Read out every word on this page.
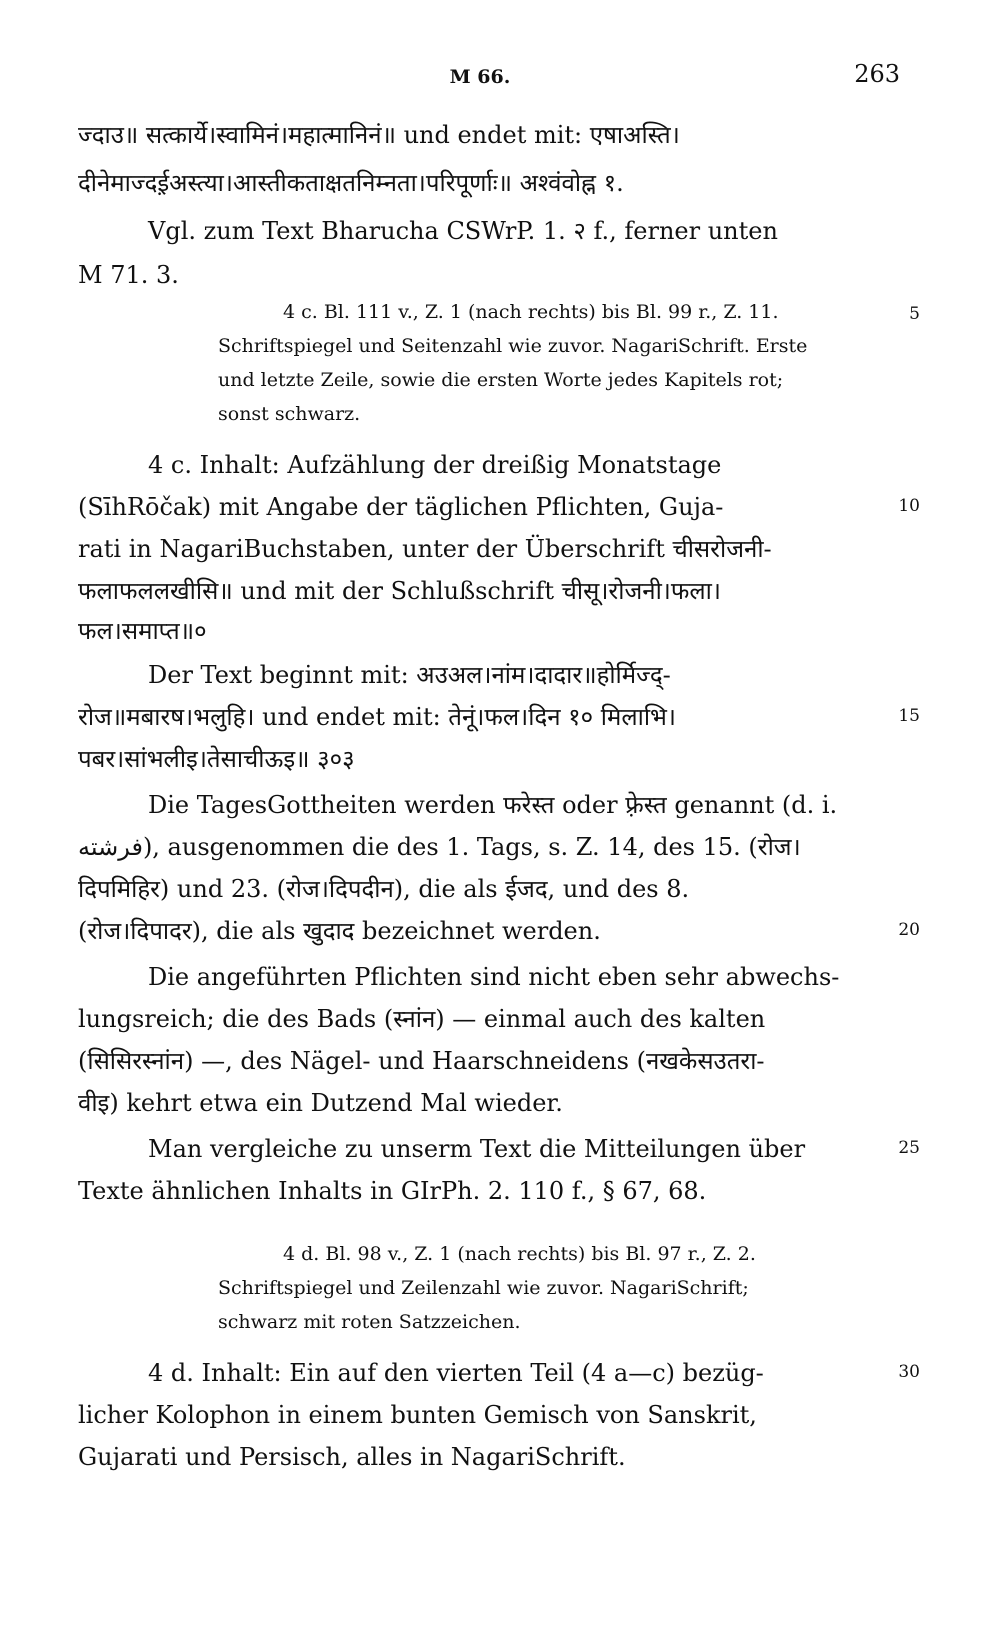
M 66.	263
ज्दाउ॥ सत्कार्ये।स्वामिनं।महात्मानिनं॥ und endet mit: एषाअस्ति।
दीनेमाज्दई़अस्त्या।आस्तीकताक्षतनिम्नता।परिपूर्णाः॥ अश्वंवोह्न १.
Vgl. zum Text Bharucha CSWrP. 1. २ f., ferner unten
M 71. 3.
4 c. Bl. 111 v., Z. 1 (nach rechts) bis Bl. 99 r., Z. 11.
Schriftspiegel und Seitenzahl wie zuvor. NagariSchrift. Erste
und letzte Zeile, sowie die ersten Worte jedes Kapitels rot;
sonst schwarz.
4 c. Inhalt: Aufzählung der dreißig Monatstage
(SīhRōčak) mit Angabe der täglichen Pflichten, Guja-
rati in NagariBuchstaben, unter der Überschrift चीसरोजनी-
फलाफललखीसि॥ und mit der Schlußschrift चीसू।रोजनी।फला।
फल।समाप्त॥०
Der Text beginnt mit: अउअल।नांम।दादार॥होर्मिज्द्-
रोज॥मबारष।भलुहि। und endet mit: तेनूं।फल।दिन १० मिलाभि।
पबर।सांभलीइ।तेसाचीऊइ॥ ३०३
Die TagesGottheiten werden फरेस्त oder फ़्रेस्त genannt (d. i.
فرشته), ausgenommen die des 1. Tags, s. Z. 14, des 15. (रोज।
दिपमिहिर) und 23. (रोज।दिपदीन), die als ईजद, und des 8.
(रोज।दिपादर), die als खुदाद bezeichnet werden.
Die angeführten Pflichten sind nicht eben sehr abwechs-
lungsreich; die des Bads (स्नांन) — einmal auch des kalten
(सिसिरस्नांन) —, des Nägel- und Haarschneidens (नखकेसउतरा-
वीइ) kehrt etwa ein Dutzend Mal wieder.
Man vergleiche zu unserm Text die Mitteilungen über
Texte ähnlichen Inhalts in GIrPh. 2. 110 f., § 67, 68.
4 d. Bl. 98 v., Z. 1 (nach rechts) bis Bl. 97 r., Z. 2.
Schriftspiegel und Zeilenzahl wie zuvor. NagariSchrift;
schwarz mit roten Satzzeichen.
4 d. Inhalt: Ein auf den vierten Teil (4 a—c) bezüg-
licher Kolophon in einem bunten Gemisch von Sanskrit,
Gujarati und Persisch, alles in NagariSchrift.
5
10
15
20
25
30
